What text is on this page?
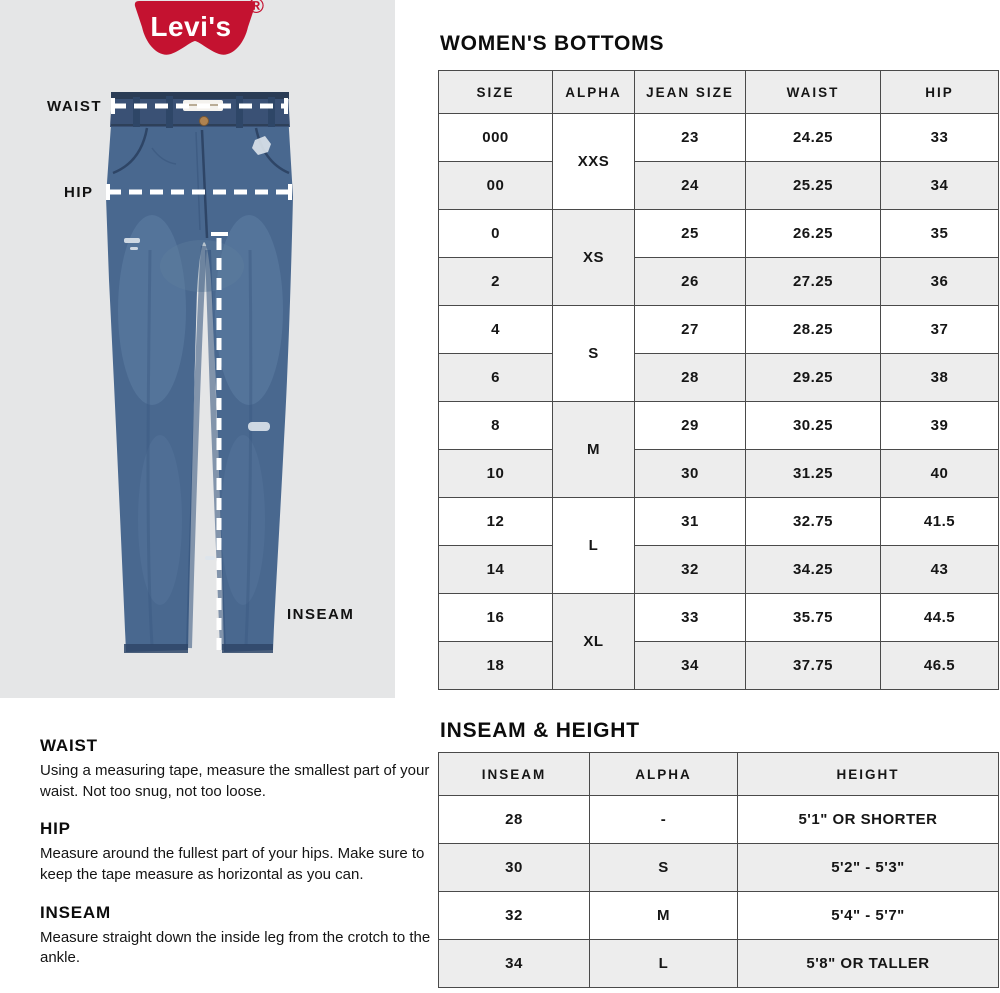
Levi's
®
WAIST
HIP
INSEAM
WOMEN'S BOTTOMS
SIZE	ALPHA	JEAN SIZE	WAIST	HIP
000	XXS	23	24.25	33
00		24	25.25	34
0	XS	25	26.25	35
2		26	27.25	36
4	S	27	28.25	37
6		28	29.25	38
8	M	29	30.25	39
10		30	31.25	40
12	L	31	32.75	41.5
14		32	34.25	43
16	XL	33	35.75	44.5
18		34	37.75	46.5
WAIST

Using a measuring tape, measure the smallest part of your waist. Not too snug, not too loose.

HIP

Measure around the fullest part of your hips. Make sure to keep the tape measure as horizontal as you can.

INSEAM

Measure straight down the inside leg from the crotch to the ankle.

INSEAM & HEIGHT
INSEAM	ALPHA	HEIGHT
28	-	5'1" OR SHORTER
30	S	5'2" - 5'3"
32	M	5'4" - 5'7"
34	L	5'8" OR TALLER
